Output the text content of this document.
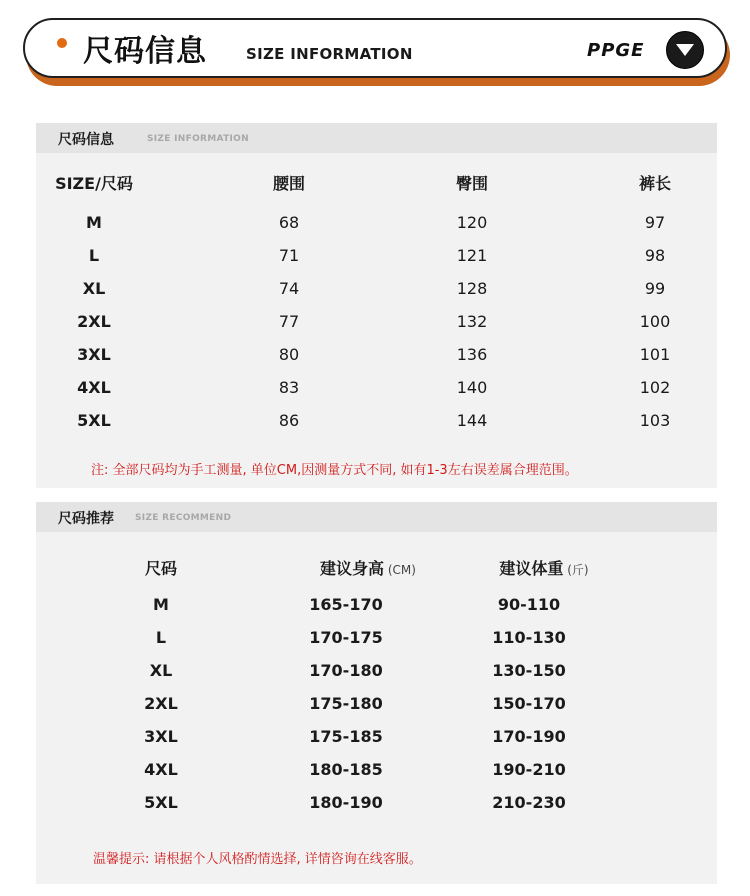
尺码信息	SIZE INFORMATION	PPGE
尺码信息	SIZE INFORMATION
SIZE/尺码	腰围	臀围	裤长
M	68	120	97
L	71	121	98
XL	74	128	99
2XL	77	132	100
3XL	80	136	101
4XL	83	140	102
5XL	86	144	103
注: 全部尺码均为手工测量, 单位CM,因测量方式不同, 如有1-3左右误差属合理范围。
尺码推荐 SIZE RECOMMEND
尺码	建议身高 (CM)	建议体重 (斤)
M	165-170	90-110
L	170-175	110-130
XL	170-180	130-150
2XL	175-180	150-170
3XL	175-185	170-190
4XL	180-185	190-210
5XL	180-190	210-230
温馨提示: 请根据个人风格酌情选择, 详情咨询在线客服。
